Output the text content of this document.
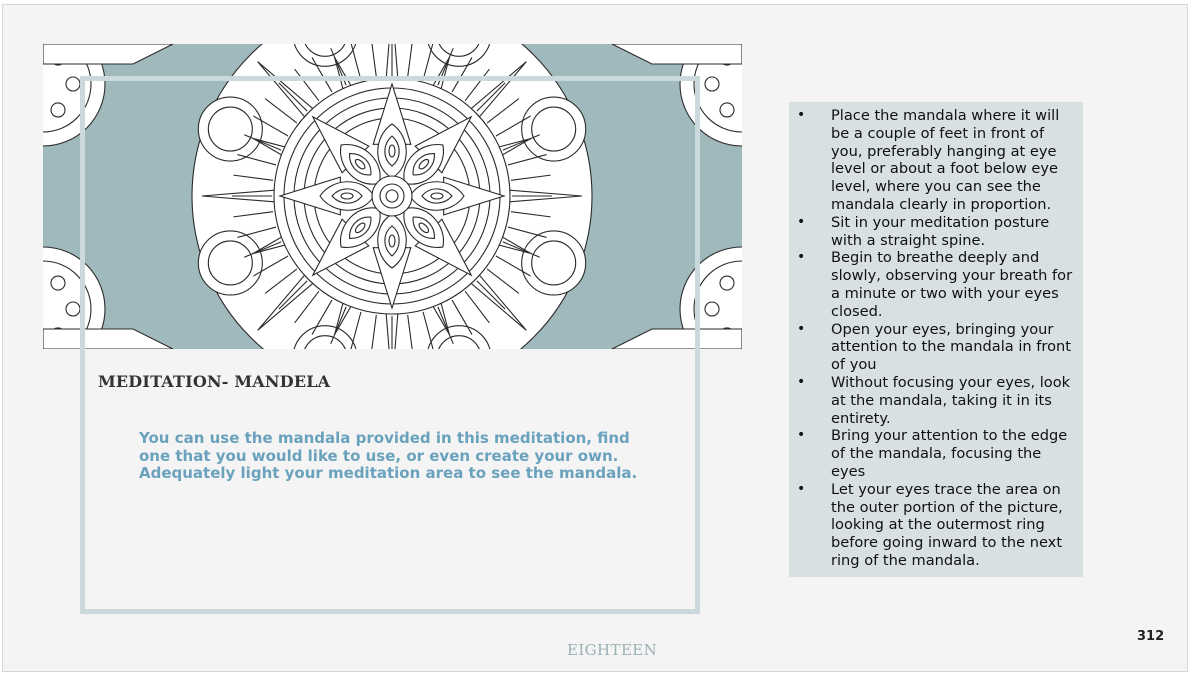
MEDITATION- MANDELA
You can use the mandala provided in this meditation, find one that you would like to use, or even create your own. Adequately light your meditation area to see the mandala.
• Place the mandala where it will be a couple of feet in front of you, preferably hanging at eye level or about a foot below eye level, where you can see the mandala clearly in proportion.
• Sit in your meditation posture with a straight spine.
• Begin to breathe deeply and slowly, observing your breath for a minute or two with your eyes closed.
• Open your eyes, bringing your attention to the mandala in front of you
• Without focusing your eyes, look at the mandala, taking it in its entirety.
• Bring your attention to the edge of the mandala, focusing the eyes
• Let your eyes trace the area on the outer portion of the picture, looking at the outermost ring before going inward to the next ring of the mandala.
EIGHTEEN
312
